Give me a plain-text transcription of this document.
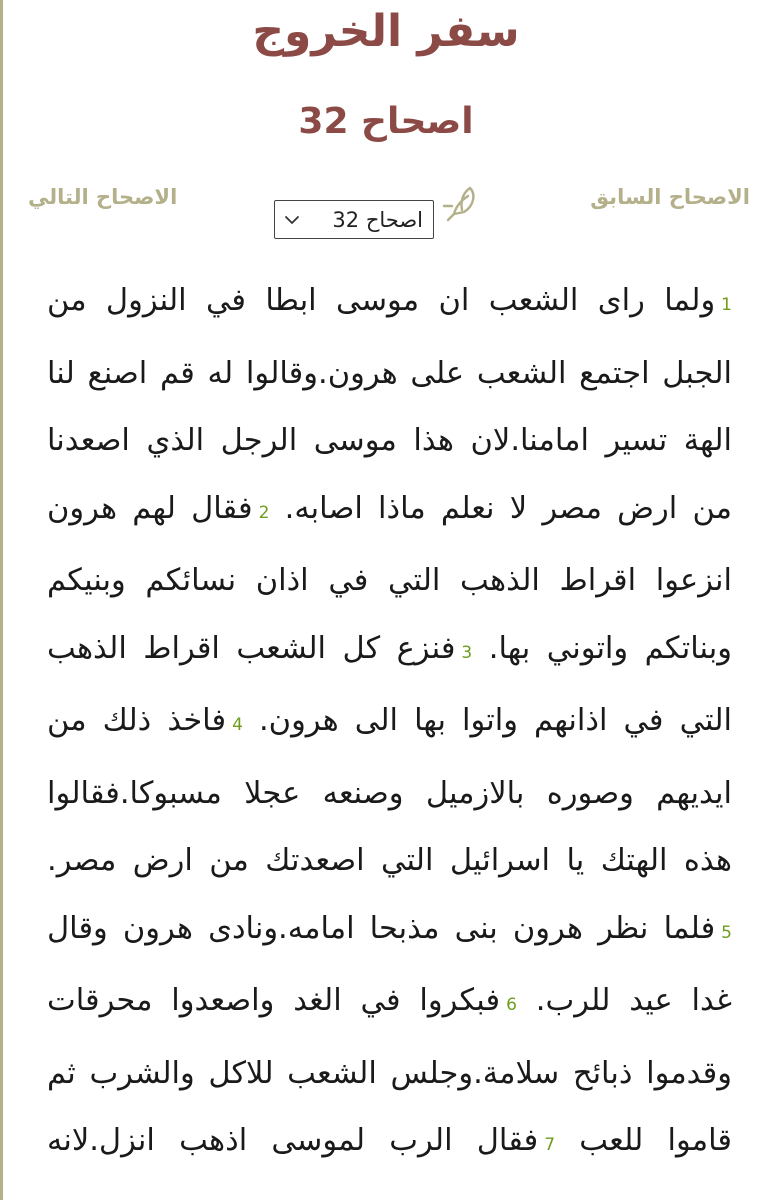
سفر الخروج
اصحاح 32
الاصحاح السابق
اصحاح 32
الاصحاح التالي
1ولما راى الشعب ان موسى ابطا في النزول من الجبل اجتمع الشعب على هرون.وقالوا له قم اصنع لنا الهة تسير امامنا.لان هذا موسى الرجل الذي اصعدنا من ارض مصر لا نعلم ماذا اصابه. 2فقال لهم هرون انزعوا اقراط الذهب التي في اذان نسائكم وبنيكم وبناتكم واتوني بها. 3فنزع كل الشعب اقراط الذهب التي في اذانهم واتوا بها الى هرون. 4فاخذ ذلك من ايديهم وصوره بالازميل وصنعه عجلا مسبوكا.فقالوا هذه الهتك يا اسرائيل التي اصعدتك من ارض مصر. 5فلما نظر هرون بنى مذبحا امامه.ونادى هرون وقال غدا عيد للرب. 6فبكروا في الغد واصعدوا محرقات وقدموا ذبائح سلامة.وجلس الشعب للاكل والشرب ثم قاموا للعب 7فقال الرب لموسى اذهب انزل.لانه
